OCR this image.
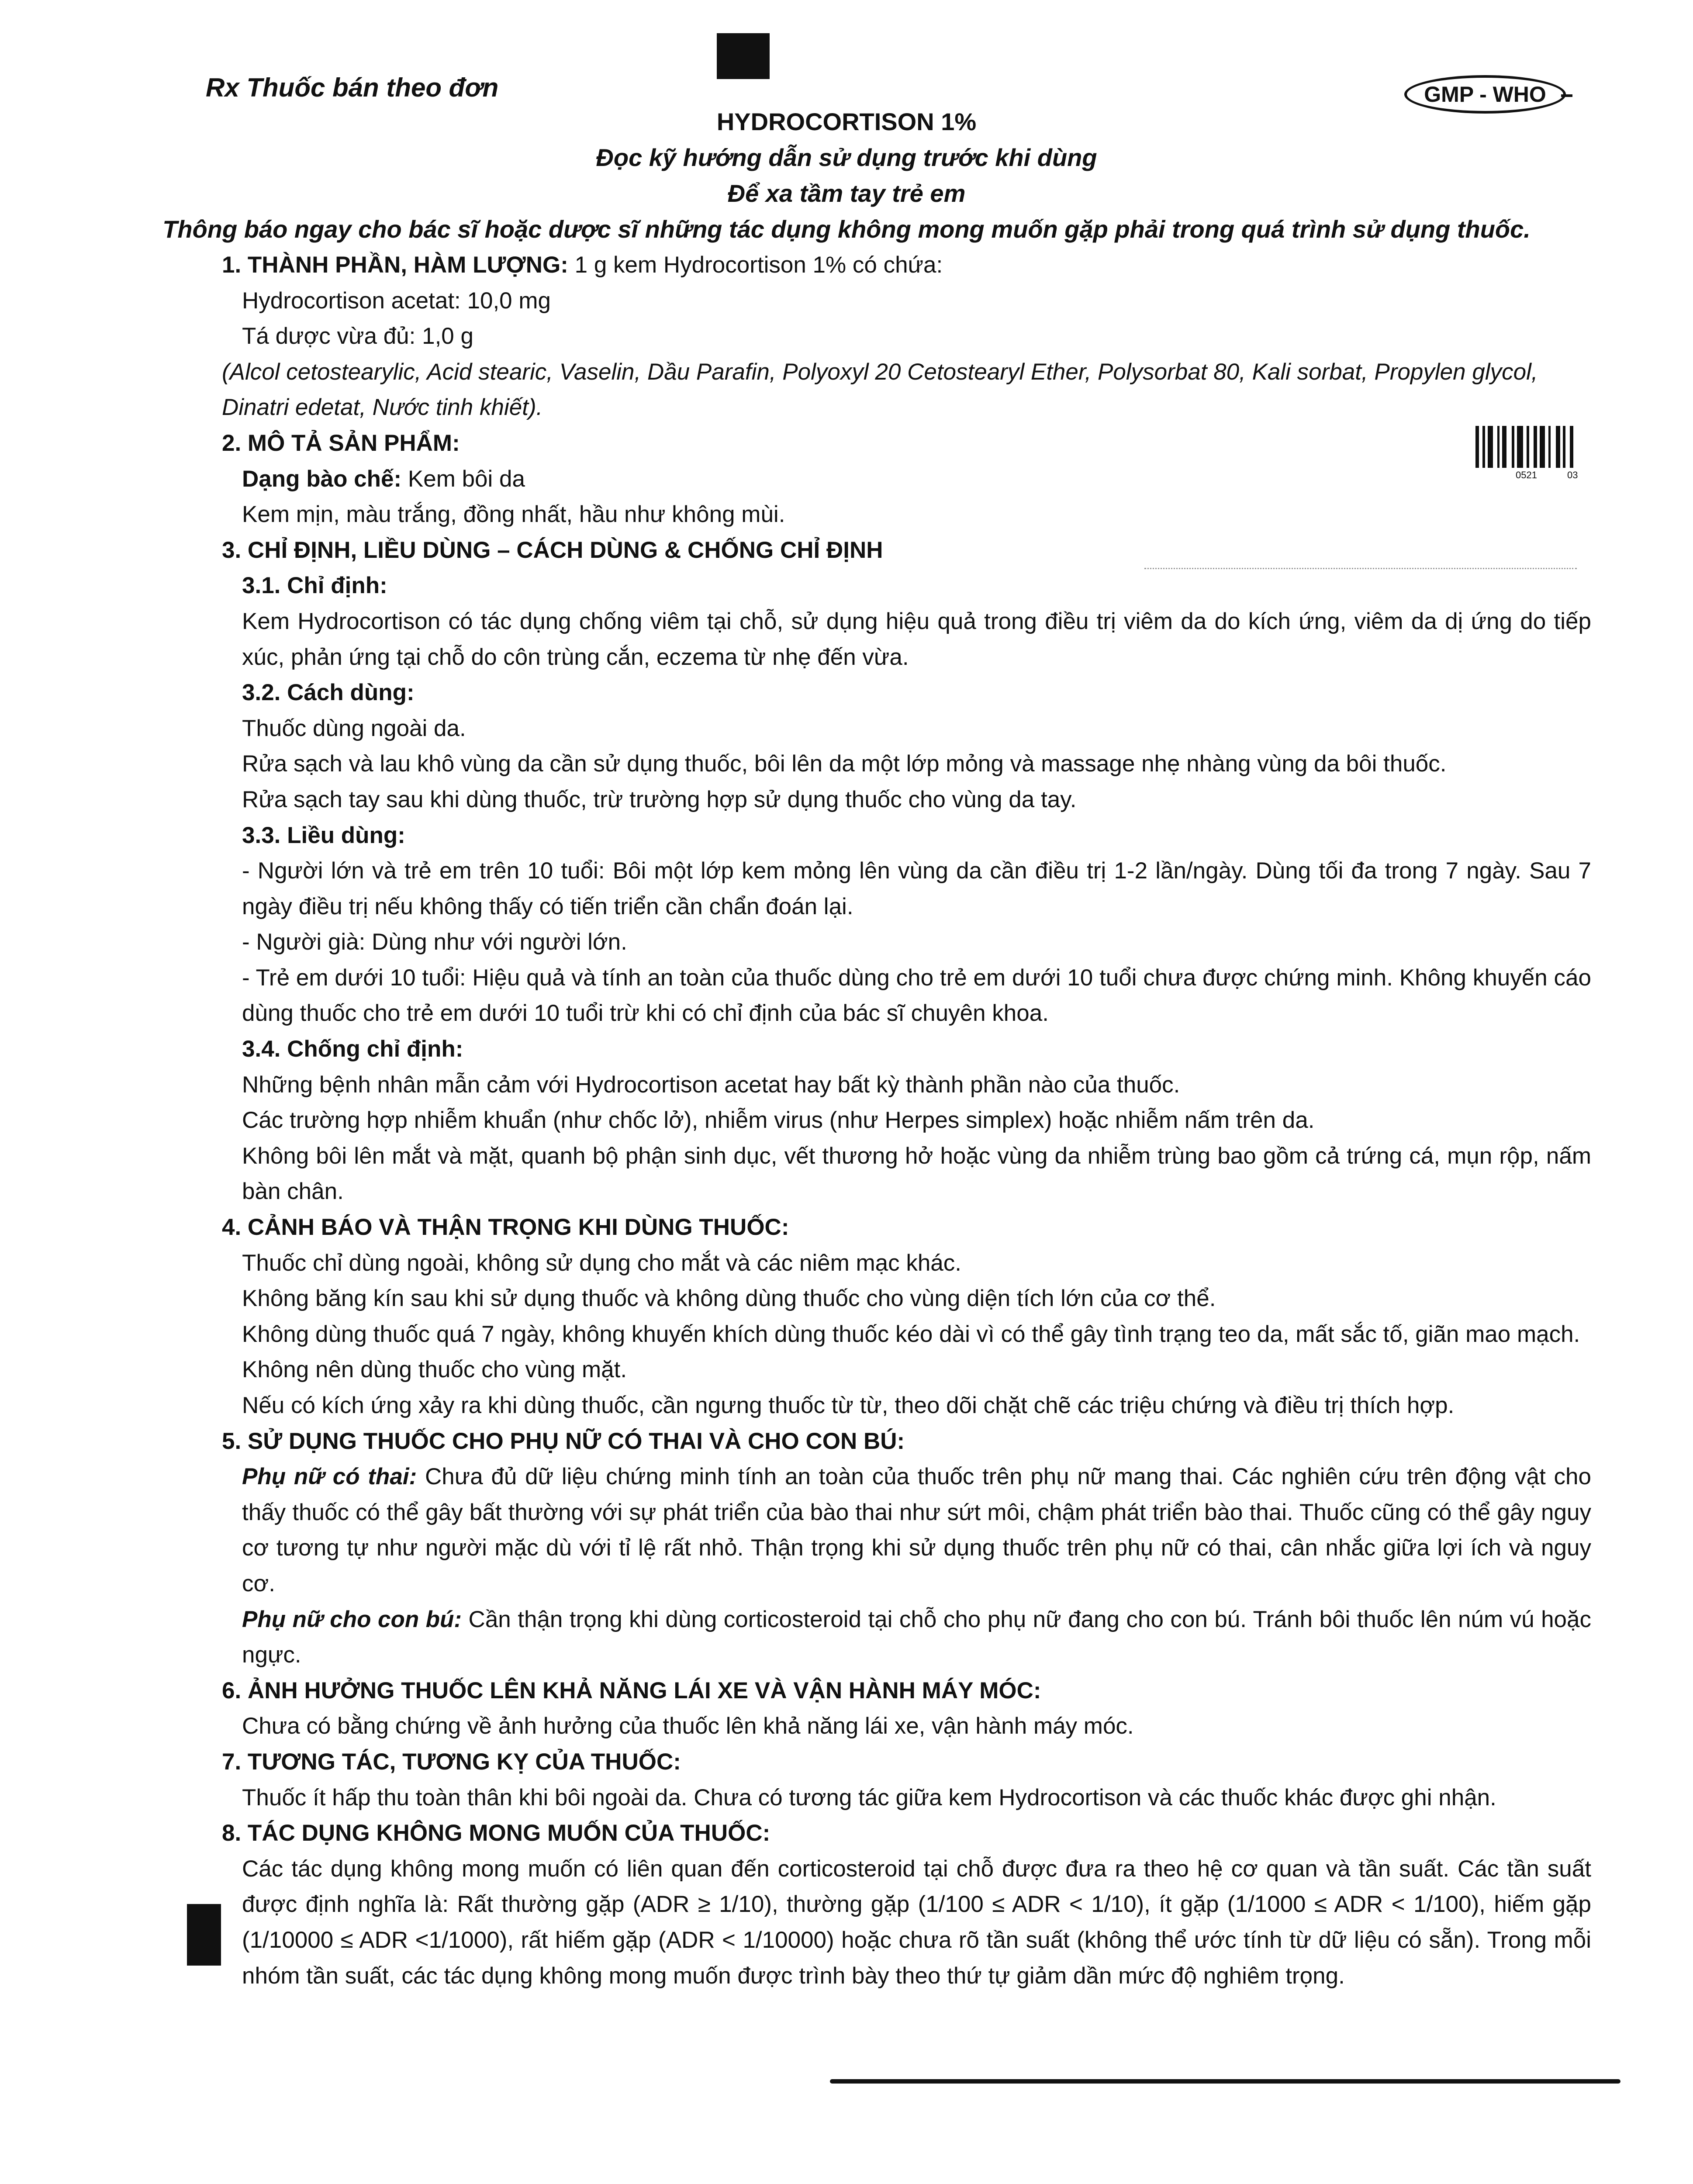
Rx Thuốc bán theo đơn	GMP - WHO
HYDROCORTISON 1%
Đọc kỹ hướng dẫn sử dụng trước khi dùng
Để xa tầm tay trẻ em
Thông báo ngay cho bác sĩ hoặc dược sĩ những tác dụng không mong muốn gặp phải trong quá trình sử dụng thuốc.
0521	03

1. THÀNH PHẦN, HÀM LƯỢNG: 1 g kem Hydrocortison 1% có chứa:

Hydrocortison acetat: 10,0 mg

Tá dược vừa đủ: 1,0 g

(Alcol cetostearylic, Acid stearic, Vaselin, Dầu Parafin, Polyoxyl 20 Cetostearyl Ether, Polysorbat 80, Kali sorbat, Propylen glycol, Dinatri edetat, Nước tinh khiết).

2. MÔ TẢ SẢN PHẨM:

Dạng bào chế: Kem bôi da

Kem mịn, màu trắng, đồng nhất, hầu như không mùi.

3. CHỈ ĐỊNH, LIỀU DÙNG – CÁCH DÙNG & CHỐNG CHỈ ĐỊNH

3.1. Chỉ định:

Kem Hydrocortison có tác dụng chống viêm tại chỗ, sử dụng hiệu quả trong điều trị viêm da do kích ứng, viêm da dị ứng do tiếp xúc, phản ứng tại chỗ do côn trùng cắn, eczema từ nhẹ đến vừa.

3.2. Cách dùng:

Thuốc dùng ngoài da.

Rửa sạch và lau khô vùng da cần sử dụng thuốc, bôi lên da một lớp mỏng và massage nhẹ nhàng vùng da bôi thuốc.

Rửa sạch tay sau khi dùng thuốc, trừ trường hợp sử dụng thuốc cho vùng da tay.

3.3. Liều dùng:

- Người lớn và trẻ em trên 10 tuổi: Bôi một lớp kem mỏng lên vùng da cần điều trị 1-2 lần/ngày. Dùng tối đa trong 7 ngày. Sau 7 ngày điều trị nếu không thấy có tiến triển cần chẩn đoán lại.

- Người già: Dùng như với người lớn.

- Trẻ em dưới 10 tuổi: Hiệu quả và tính an toàn của thuốc dùng cho trẻ em dưới 10 tuổi chưa được chứng minh. Không khuyến cáo dùng thuốc cho trẻ em dưới 10 tuổi trừ khi có chỉ định của bác sĩ chuyên khoa.

3.4. Chống chỉ định:

Những bệnh nhân mẫn cảm với Hydrocortison acetat hay bất kỳ thành phần nào của thuốc.

Các trường hợp nhiễm khuẩn (như chốc lở), nhiễm virus (như Herpes simplex) hoặc nhiễm nấm trên da.

Không bôi lên mắt và mặt, quanh bộ phận sinh dục, vết thương hở hoặc vùng da nhiễm trùng bao gồm cả trứng cá, mụn rộp, nấm bàn chân.

4. CẢNH BÁO VÀ THẬN TRỌNG KHI DÙNG THUỐC:

Thuốc chỉ dùng ngoài, không sử dụng cho mắt và các niêm mạc khác.

Không băng kín sau khi sử dụng thuốc và không dùng thuốc cho vùng diện tích lớn của cơ thể.

Không dùng thuốc quá 7 ngày, không khuyến khích dùng thuốc kéo dài vì có thể gây tình trạng teo da, mất sắc tố, giãn mao mạch.

Không nên dùng thuốc cho vùng mặt.

Nếu có kích ứng xảy ra khi dùng thuốc, cần ngưng thuốc từ từ, theo dõi chặt chẽ các triệu chứng và điều trị thích hợp.

5. SỬ DỤNG THUỐC CHO PHỤ NỮ CÓ THAI VÀ CHO CON BÚ:

Phụ nữ có thai: Chưa đủ dữ liệu chứng minh tính an toàn của thuốc trên phụ nữ mang thai. Các nghiên cứu trên động vật cho thấy thuốc có thể gây bất thường với sự phát triển của bào thai như sứt môi, chậm phát triển bào thai. Thuốc cũng có thể gây nguy cơ tương tự như người mặc dù với tỉ lệ rất nhỏ. Thận trọng khi sử dụng thuốc trên phụ nữ có thai, cân nhắc giữa lợi ích và nguy cơ.

Phụ nữ cho con bú: Cần thận trọng khi dùng corticosteroid tại chỗ cho phụ nữ đang cho con bú. Tránh bôi thuốc lên núm vú hoặc ngực.

6. ẢNH HƯỞNG THUỐC LÊN KHẢ NĂNG LÁI XE VÀ VẬN HÀNH MÁY MÓC:

Chưa có bằng chứng về ảnh hưởng của thuốc lên khả năng lái xe, vận hành máy móc.

7. TƯƠNG TÁC, TƯƠNG KỴ CỦA THUỐC:

Thuốc ít hấp thu toàn thân khi bôi ngoài da. Chưa có tương tác giữa kem Hydrocortison và các thuốc khác được ghi nhận.

8. TÁC DỤNG KHÔNG MONG MUỐN CỦA THUỐC:

Các tác dụng không mong muốn có liên quan đến corticosteroid tại chỗ được đưa ra theo hệ cơ quan và tần suất. Các tần suất được định nghĩa là: Rất thường gặp (ADR ≥ 1/10), thường gặp (1/100 ≤ ADR < 1/10), ít gặp (1/1000 ≤ ADR < 1/100), hiếm gặp (1/10000 ≤ ADR <1/1000), rất hiếm gặp (ADR < 1/10000) hoặc chưa rõ tần suất (không thể ước tính từ dữ liệu có sẵn). Trong mỗi nhóm tần suất, các tác dụng không mong muốn được trình bày theo thứ tự giảm dần mức độ nghiêm trọng.
